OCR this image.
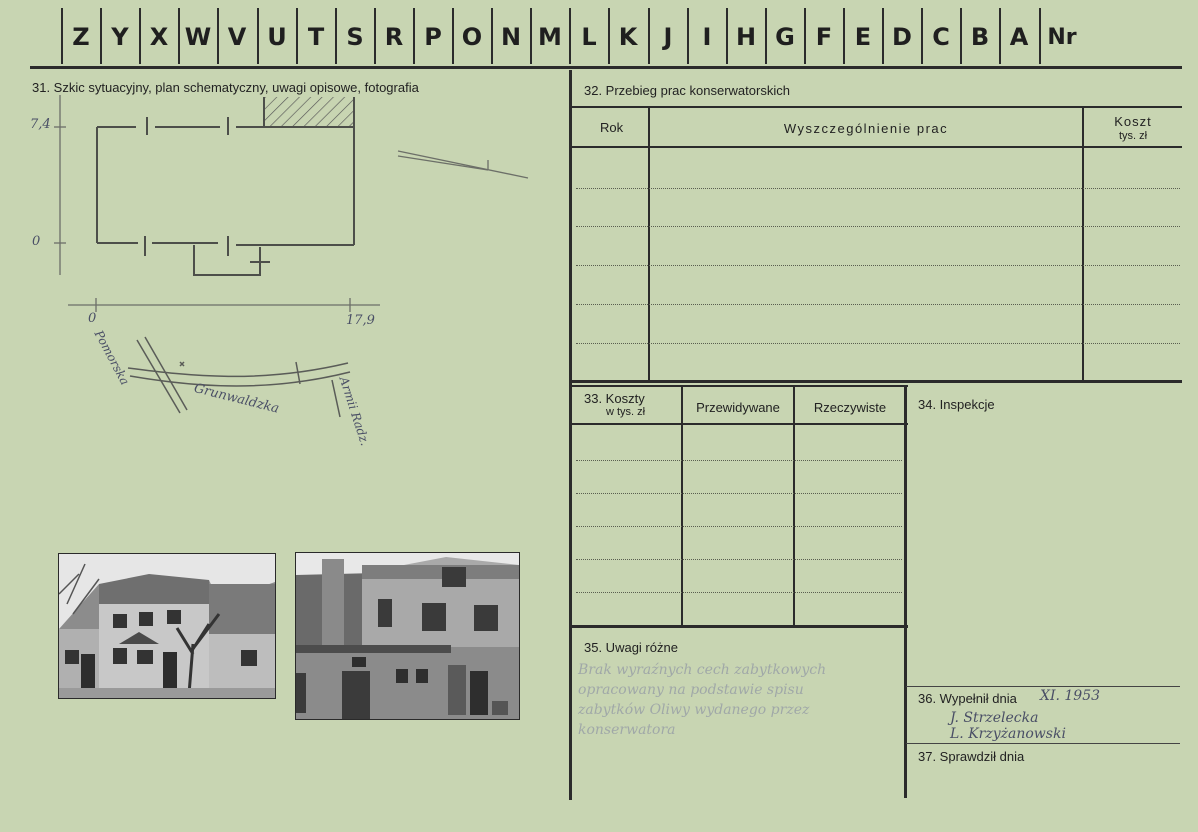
Z Y X W V U T S R P O N M L K	J	I	H G F E D C B A Nr
31. Szkic sytuacyjny, plan schematyczny, uwagi opisowe, fotografia	32. Przebieg prac konserwatorskich
Rok	Wyszczególnienie prac	Koszt
tys. zł
33. Koszty
w tys. zł	Przewidywane	Rzeczywiste	34. Inspekcje
35. Uwagi różne
Brak wyraźnych cech zabytkowych
opracowany na podstawie spisu
zabytków Oliwy wydanego przez
konserwatora
36. Wypełnił dnia XI. 1953
J. Strzelecka
L. Krzyżanowski
37. Sprawdził dnia
7,4
0
0	17,9
Pomorska
Grunwaldzka	Armii Radz.
